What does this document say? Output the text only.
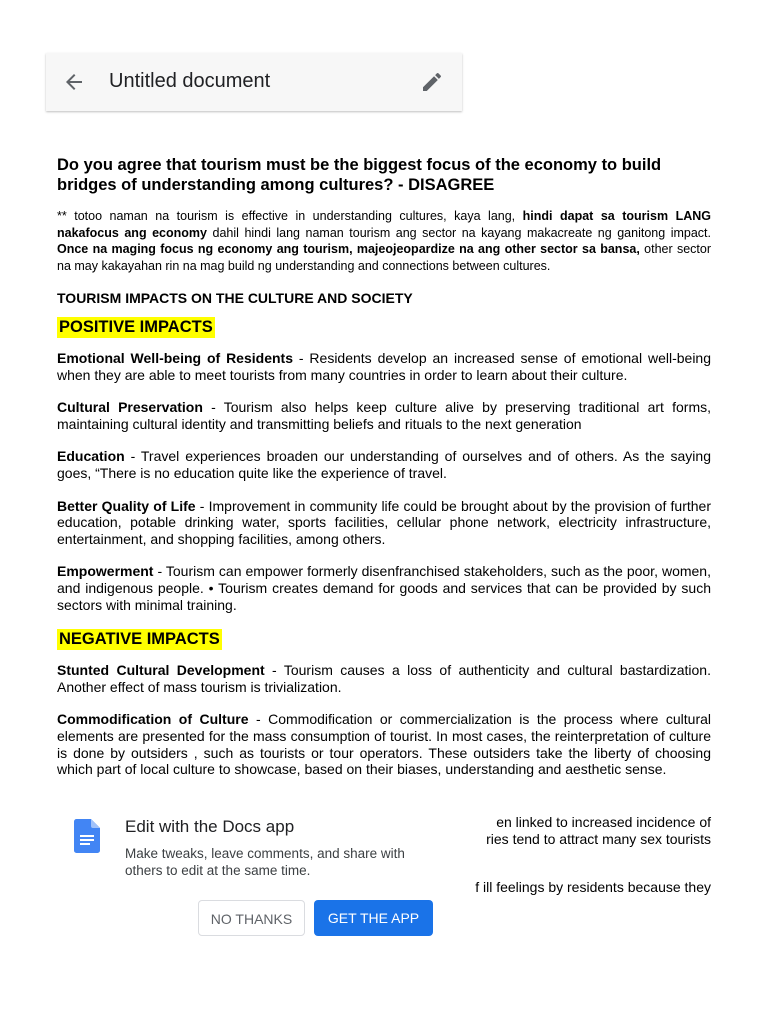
Untitled document

Do you agree that tourism must be the biggest focus of the economy to build bridges of understanding among cultures? - DISAGREE

** totoo naman na tourism is effective in understanding cultures, kaya lang, hindi dapat sa tourism LANG nakafocus ang economy dahil hindi lang naman tourism ang sector na kayang makacreate ng ganitong impact. Once na maging focus ng economy ang tourism, majeojeopardize na ang other sector sa bansa, other sector na may kakayahan rin na mag build ng understanding and connections between cultures.

TOURISM IMPACTS ON THE CULTURE AND SOCIETY

POSITIVE IMPACTS

Emotional Well-being of Residents - Residents develop an increased sense of emotional well-being when they are able to meet tourists from many countries in order to learn about their culture.

Cultural Preservation - Tourism also helps keep culture alive by preserving traditional art forms, maintaining cultural identity and transmitting beliefs and rituals to the next generation

Education - Travel experiences broaden our understanding of ourselves and of others. As the saying goes, “There is no education quite like the experience of travel.

Better Quality of Life - Improvement in community life could be brought about by the provision of further education, potable drinking water, sports facilities, cellular phone network, electricity infrastructure, entertainment, and shopping facilities, among others.

Empowerment - Tourism can empower formerly disenfranchised stakeholders, such as the poor, women, and indigenous people. • Tourism creates demand for goods and services that can be provided by such sectors with minimal training.

NEGATIVE IMPACTS

Stunted Cultural Development - Tourism causes a loss of authenticity and cultural bastardization. Another effect of mass tourism is trivialization.

Commodification of Culture - Commodification or commercialization is the process where cultural elements are presented for the mass consumption of tourist. In most cases, the reinterpretation of culture is done by outsiders , such as tourists or tour operators. These outsiders take the liberty of choosing which part of local culture to showcase, based on their biases, understanding and aesthetic sense.

en linked to increased incidence of
ries tend to attract many sex tourists
f ill feelings by residents because they
Edit with the Docs app
Make tweaks, leave comments, and share with others to edit at the same time.
NO THANKS	GET THE APP
